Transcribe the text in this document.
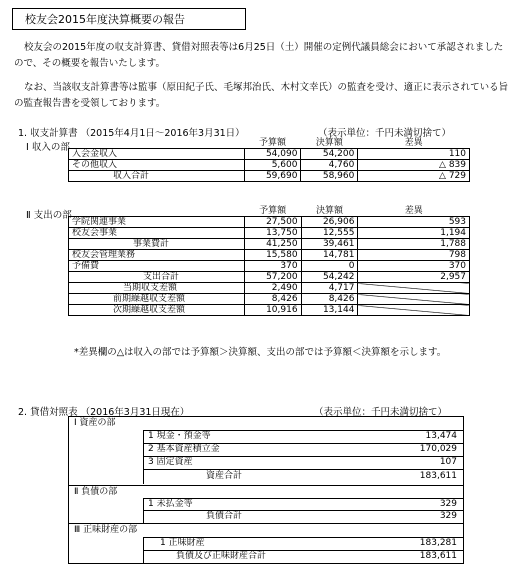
校友会2015年度決算概要の報告

校友会の2015年度の収支計算書、貸借対照表等は6月25日（土）開催の定例代議員総会において承認されましたので、その概要を報告いたします。

なお、当該収支計算書等は監事（原田紀子氏、毛塚邦治氏、木村文幸氏）の監査を受け、適正に表示されている旨の監査報告書を受領しております。

1. 収支計算書 （2015年4月1日～2016年3月31日）	（表示単位：千円未満切捨て）
Ⅰ 収入の部
		予算額	決算額	差異
入会金収入	54,090	54,200	110
その他収入	5,600	4,760	△ 839
収入合計	59,690	58,960	△ 729
Ⅱ 支出の部
		予算額	決算額	差異
学院関連事業	27,500	26,906	593
校友会事業	13,750	12,555	1,194
事業費計	41,250	39,461	1,788
校友会管理業務	15,580	14,781	798
予備費	370	0	370
支出合計	57,200	54,242	2,957
当期収支差額	2,490	4,717	
前期繰越収支差額	8,426	8,426	
次期繰越収支差額	10,916	13,144	

*差異欄の△は収入の部では予算額＞決算額、支出の部では予算額＜決算額を示します。

2. 貸借対照表 （2016年3月31日現在）	（表示単位：千円未満切捨て）
Ⅰ 資産の部
1 現金・預金等	13,474
2 基本資産積立金	170,029
3 固定資産	107
資産合計	183,611
Ⅱ 負債の部
1 未払金等	329
負債合計	329
Ⅲ 正味財産の部
1 正味財産	183,281
負債及び正味財産合計	183,611
